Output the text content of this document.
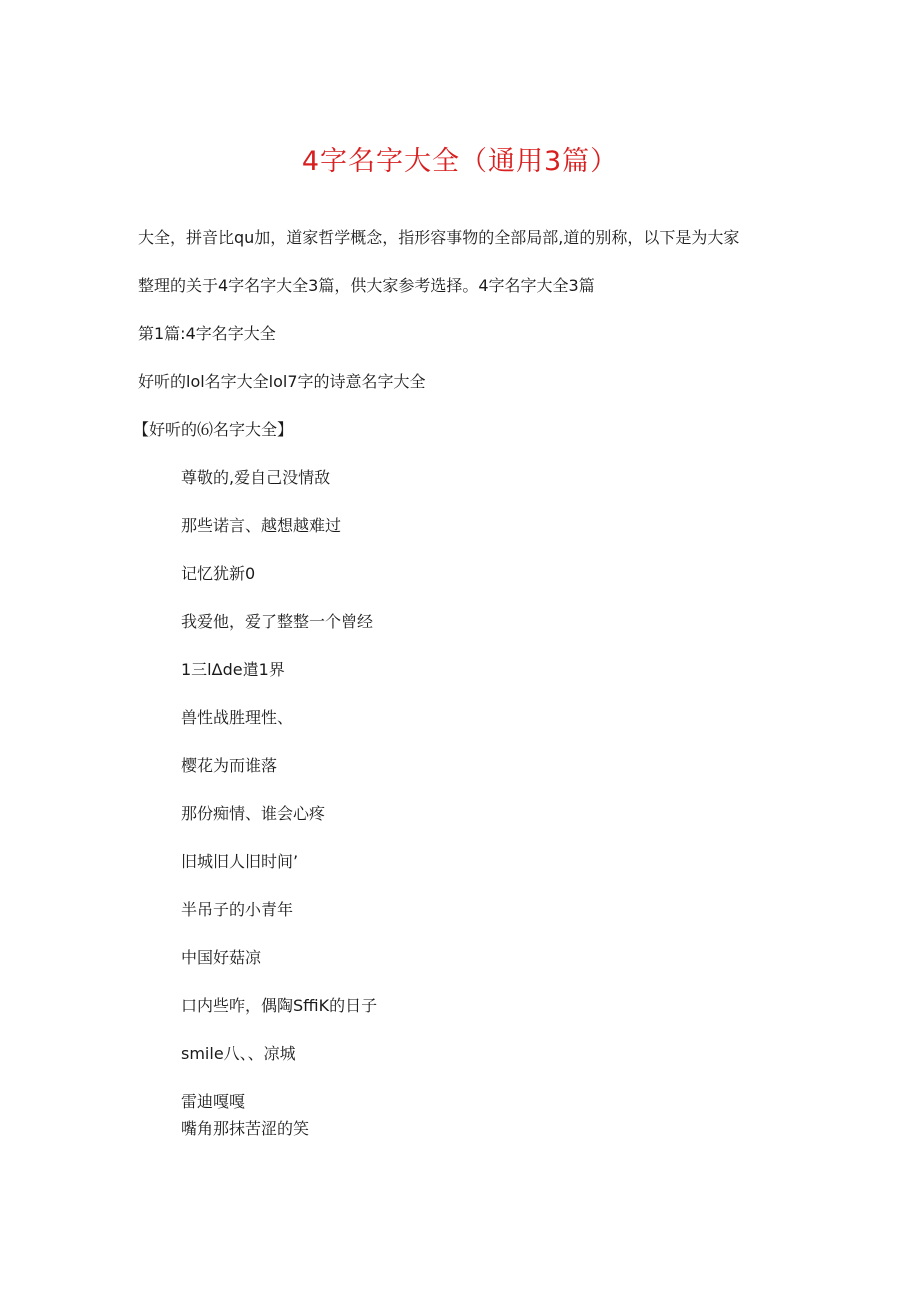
4字名字大全（通用3篇）
大全，拼音比qu加，道家哲学概念，指形容事物的全部局部,道的别称，以下是为大家
整理的关于4字名字大全3篇，供大家参考选择。4字名字大全3篇
第1篇:4字名字大全
好听的lol名字大全lol7字的诗意名字大全
【好听的⑹名字大全】
尊敬的,爱自己没情敌
那些诺言、越想越难过
记忆犹新0
我爱他，爱了整整一个曾经
1三lΔde遣1界
兽性战胜理性、
樱花为而谁落
那份痴情、谁会心疼
旧城旧人旧时间’
半吊子的小青年
中国好菇凉
口内些咋，偶陶SffiK的日子
smile八、、凉城
雷迪嘎嘎
嘴角那抹苦涩的笑
